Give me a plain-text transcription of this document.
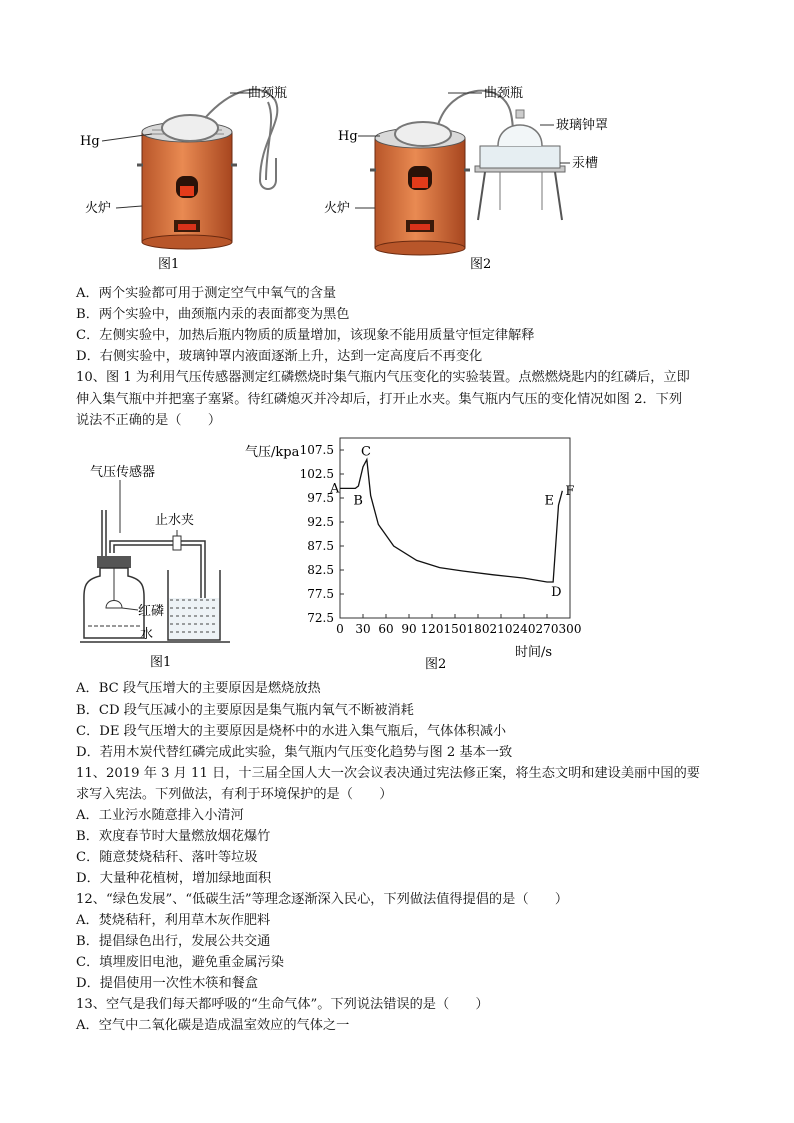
Hg
火炉
曲颈瓶
图1
曲颈瓶
Hg
火炉
玻璃钟罩
汞槽
图2
A．两个实验都可用于测定空气中氧气的含量
B．两个实验中，曲颈瓶内汞的表面都变为黑色
C．左侧实验中，加热后瓶内物质的质量增加，该现象不能用质量守恒定律解释
D．右侧实验中，玻璃钟罩内液面逐渐上升，达到一定高度后不再变化
10、图 1 为利用气压传感器测定红磷燃烧时集气瓶内气压变化的实验装置。点燃燃烧匙内的红磷后，立即
伸入集气瓶中并把塞子塞紧。待红磷熄灭并冷却后，打开止水夹。集气瓶内气压的变化情况如图 2．下列
说法不正确的是（　　）
气压传感器
止水夹
红磷
水
图1
气压/kpa
72.5
77.5
82.5
87.5
92.5
97.5
102.5
107.5
0 30 60 90 120 150 180 210 240 270 300
A
B
C
D
E
F
时间/s
图2
A．BC 段气压增大的主要原因是燃烧放热
B．CD 段气压减小的主要原因是集气瓶内氧气不断被消耗
C．DE 段气压增大的主要原因是烧杯中的水进入集气瓶后，气体体积减小
D．若用木炭代替红磷完成此实验，集气瓶内气压变化趋势与图 2 基本一致
11、2019 年 3 月 11 日，十三届全国人大一次会议表决通过宪法修正案，将生态文明和建设美丽中国的要
求写入宪法。下列做法，有利于环境保护的是（　　）
A．工业污水随意排入小清河
B．欢度春节时大量燃放烟花爆竹
C．随意焚烧秸秆、落叶等垃圾
D．大量种花植树，增加绿地面积
12、“绿色发展”、“低碳生活”等理念逐渐深入民心，下列做法值得提倡的是（　　）
A．焚烧秸秆，利用草木灰作肥料
B．提倡绿色出行，发展公共交通
C．填埋废旧电池，避免重金属污染
D．提倡使用一次性木筷和餐盒
13、空气是我们每天都呼吸的“生命气体”。下列说法错误的是（　　）
A．空气中二氧化碳是造成温室效应的气体之一
